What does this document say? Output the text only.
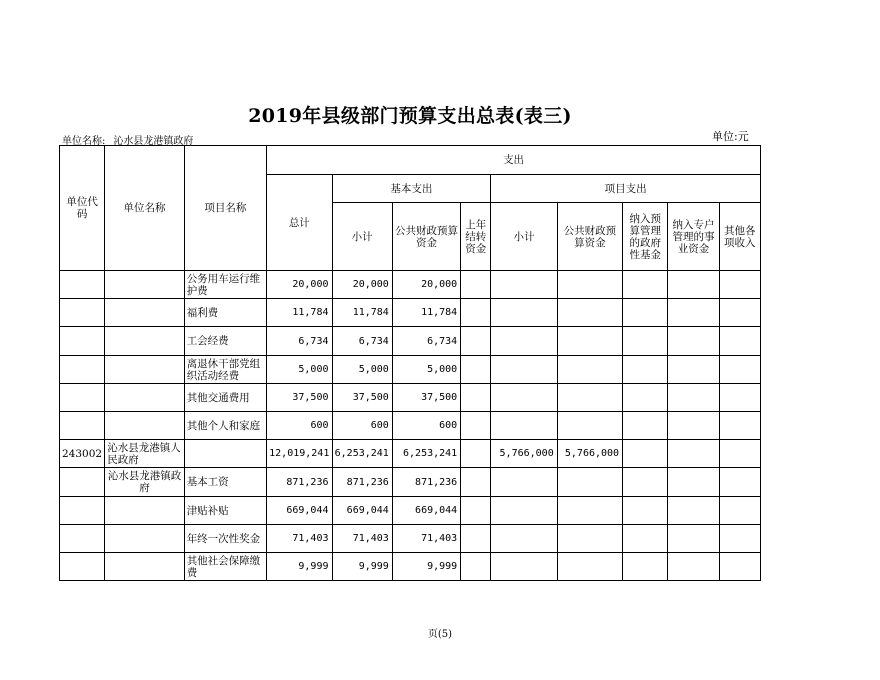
2019年县级部门预算支出总表(表三)
单位名称: 沁水县龙港镇政府	单位:元
单位代码	单位名称	项目名称	支出								
			总计	基本支出			项目支出				
				小计	公共财政预算资金	上年结转资金	小计	公共财政预算资金	纳入预算管理的政府性基金	纳入专户管理的事业资金	其他各项收入

		公务用车运行维护费	20,000	20,000	20,000						
		福利费	11,784	11,784	11,784						
		工会经费	6,734	6,734	6,734						
		离退休干部党组织活动经费	5,000	5,000	5,000						
		其他交通费用	37,500	37,500	37,500						
		其他个人和家庭	600	600	600						
243002	沁水县龙港镇人民政府		12,019,241	6,253,241	6,253,241		5,766,000	5,766,000			
	沁水县龙港镇政府	基本工资	871,236	871,236	871,236						
		津贴补贴	669,044	669,044	669,044						
		年终一次性奖金	71,403	71,403	71,403						
		其他社会保障缴费	9,999	9,999	9,999						
页(5)
